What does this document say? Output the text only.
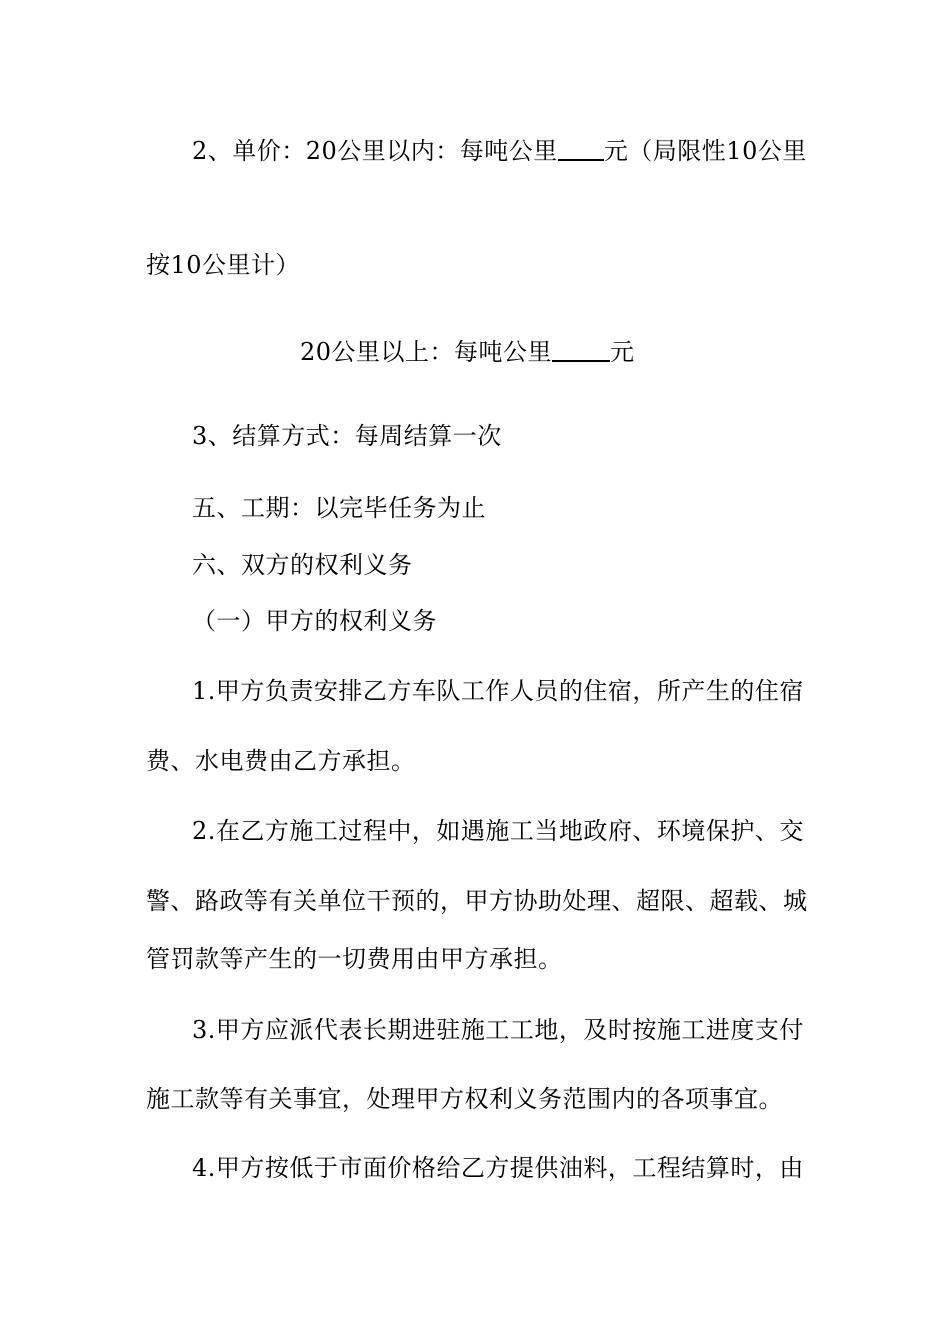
2、单价：20公里以内：每吨公里 元（局限性10公里
按10公里计）
20公里以上：每吨公里 元
3、结算方式：每周结算一次
五、工期：以完毕任务为止
六、双方的权利义务
（一）甲方的权利义务
1.甲方负责安排乙方车队工作人员的住宿，所产生的住宿
费、水电费由乙方承担。
2.在乙方施工过程中，如遇施工当地政府、环境保护、交
警、路政等有关单位干预的，甲方协助处理、超限、超载、城
管罚款等产生的一切费用由甲方承担。
3.甲方应派代表长期进驻施工工地，及时按施工进度支付
施工款等有关事宜，处理甲方权利义务范围内的各项事宜。
4.甲方按低于市面价格给乙方提供油料，工程结算时，由
